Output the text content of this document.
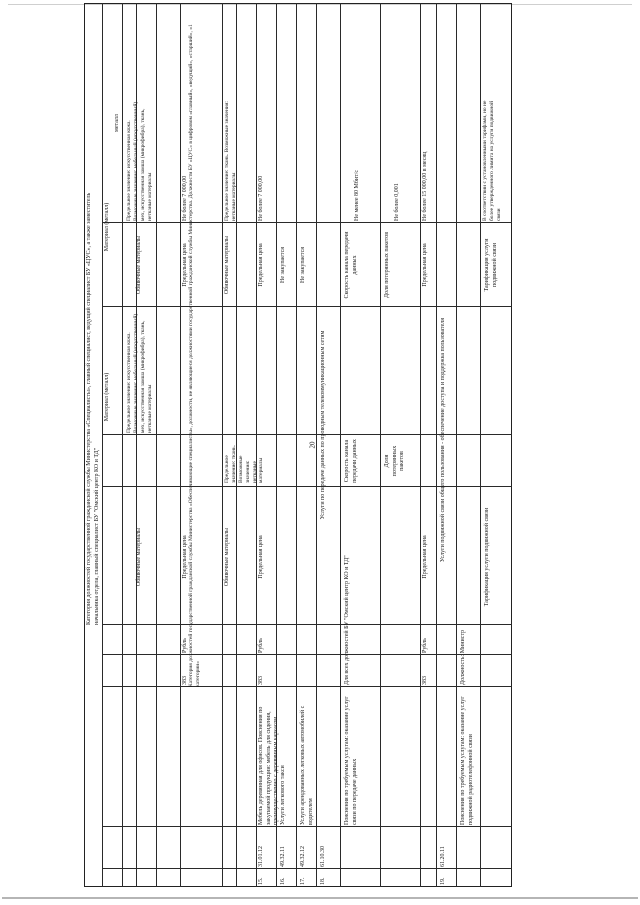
20
Категория должностей государственной гражданской службы Министерства «Специалисты», главный специалист, ведущий специалист БУ «ЦУС», а также заместитель начальника отдела, главный специалист БУ "Омский центр КО и ТД"
Материал (металл)
Материал (металл)
металл
Обивочные материалы
Обивочные материалы
Предельное значение: искусственная кожа. Возможные значения: мебельный (искусственный) мех, искусственная замша (микрофибра), ткань, нетканые материалы
Предельное значение: искусственная кожа. Возможные значения: мебельный (искусственный) мех, искусственная замша (микрофибра), ткань, нетканые материалы
383
Рубль
Предельная цена
Предельная цена
Не более 7 000,00 Категория должностей государственной гражданской службы Министерства «Обеспечивающие специалисты», должности, не являющиеся должностями государственной гражданской службы Министерства. Должности БУ «ЦУС» в цифровом «главный», «ведущий», «старший», «1 категории»
Обивочные материалы
Предельное значение: ткань. Возможные значения: нетканые материалы
Обивочные материалы
Предельное значение: ткань. Возможные значения: нетканые материалы
15.
31.01.12
Мебель деревянная для офисов. Пояснения по закупаемой продукции: мебель для сидения, преимущественно с деревянным каркасом
383
Рубль
Предельная цена
Предельная цена
Не более 7 000,00
16.
49.32.11
Услуги легкового такси
Не закупается
17.
49.32.12
Услуги арендованных легковых автомобилей с водителем
Не закупается
18.
61.10.30
Услуги по передаче данных по проводным телекоммуникационным сетям
Пояснения по требуемым услугам: оказание услуг связи по передаче данных
Для всех должностей БУ "Омский центр КО и ТД"
Скорость канала передачи данных
Скорость канала передачи данных
Не менее 80 Мбит/с
Доля потерянных пакетов
Доля потерянных пакетов
Не более 0,001
383
Рубль
Предельная цена
Предельная цена
Не более 15 000,00 в месяц
19.
61.20.11
Услуги подвижной связи общего пользования - обеспечение доступа и поддержка пользователя
Должность: Министр
Пояснения по требуемым услугам: оказание услуг подвижной радиотелефонной связи
Тарификация услуги подвижной связи
Тарификация услуги подвижной связи
В соответствии с установленными тарифами, но не более утвержденного лимита на услуги подвижной связи
